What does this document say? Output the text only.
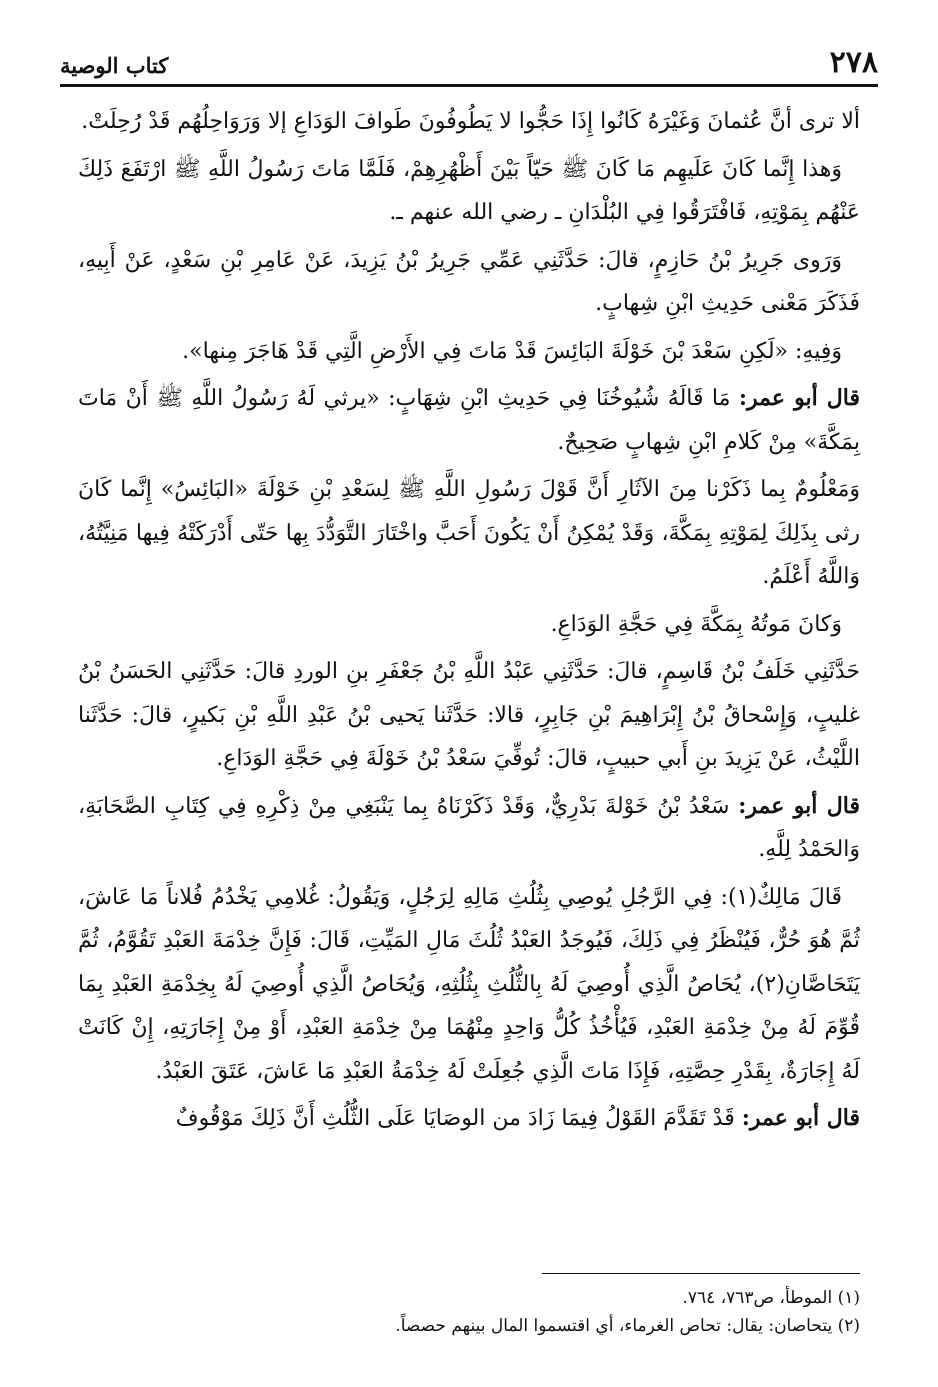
٢٧٨
كتاب الوصية

ألا ترى أنَّ عُثمانَ وَغَيْرَهُ كَانُوا إِذَا حَجُّوا لا يَطُوفُونَ طَوافَ الوَدَاعِ إلا وَرَوَاحِلُهُم قَدْ رُحِلَتْ.

وَهذا إِنَّما كَانَ عَلَيهِم مَا كَانَ ﷺ حَيّاً بَيْنَ أَظْهُرِهِمْ، فَلَمَّا مَاتَ رَسُولُ اللَّهِ ﷺ ارْتَفَعَ ذَلِكَ عَنْهُم بِمَوْتِهِ، فَافْتَرَقُوا فِي البُلْدَانِ ـ رضي الله عنهم ـ.

وَرَوى جَرِيرُ بْنُ حَازِمٍ، قالَ: حَدَّثَنِي عَمِّي جَرِيرُ بْنُ يَزِيدَ، عَنْ عَامِرِ بْنِ سَعْدٍ، عَنْ أَبِيهِ، فَذَكَرَ مَعْنى حَدِيثِ ابْنِ شِهابٍ.

وَفِيهِ: «لَكِنِ سَعْدَ بْنَ خَوْلَةَ البَائِسَ قَدْ مَاتَ فِي الأَرْضِ الَّتِي قَدْ هَاجَرَ مِنها».

قال أبو عمر: مَا قَالَهُ شُيُوخُنَا فِي حَدِيثِ ابْنِ شِهَابٍ: «يرثي لَهُ رَسُولُ اللَّهِ ﷺ أَنْ مَاتَ بِمَكَّةَ» مِنْ كَلامِ ابْنِ شِهابٍ صَحِيحٌ.

وَمَعْلُومٌ بِما ذَكَرْنا مِنَ الآثَارِ أَنَّ قَوْلَ رَسُولِ اللَّهِ ﷺ لِسَعْدِ بْنِ خَوْلَةَ «البَائِسُ» إِنَّما كَانَ رثى بِذَلِكَ لِمَوْتِهِ بِمَكَّةَ، وَقَدْ يُمْكِنُ أَنْ يَكُونَ أَحَبَّ واخْتَارَ التَّوَدُّدَ بِها حَتّى أَدْرَكَتْهُ فِيها مَنِيَّتُهُ، وَاللَّهُ أَعْلَمُ.

وَكانَ مَوتُهُ بِمَكَّةَ فِي حَجَّةِ الوَدَاعِ.

حَدَّثَنِي خَلَفُ بْنُ قَاسِمٍ، قالَ: حَدَّثَنِي عَبْدُ اللَّهِ بْنُ جَعْفَرِ بنِ الوردِ قالَ: حَدَّثَنِي الحَسَنُ بْنُ غليبٍ، وَإِسْحاقُ بْنُ إِبْرَاهِيمَ بْنِ جَابِرٍ، قالا: حَدَّثَنا يَحيى بْنُ عَبْدِ اللَّهِ بْنِ بَكيرٍ، قالَ: حَدَّثَنا اللَّيْثُ، عَنْ يَزِيدَ بنِ أَبي حبيبٍ، قالَ: تُوفِّيَ سَعْدُ بْنُ خَوْلَةَ فِي حَجَّةِ الوَدَاعِ.

قال أبو عمر: سَعْدُ بْنُ خَوْلةَ بَدْرِيٌّ، وَقَدْ ذَكَرْنَاهُ بِما يَنْبَغِي مِنْ ذِكْرِهِ فِي كِتَابِ الصَّحَابَةِ، وَالحَمْدُ لِلَّهِ.

قَالَ مَالِكٌ(١): فِي الرَّجُلِ يُوصِي بِثُلُثِ مَالِهِ لِرَجُلٍ، وَيَقُولُ: غُلامِي يَخْدُمُ فُلاناً مَا عَاشَ، ثُمَّ هُوَ حُرٌّ، فَيُنْظَرُ فِي ذَلِكَ، فَيُوجَدُ العَبْدُ ثُلُثَ مَالِ المَيِّتِ، قَالَ: فَإِنَّ خِدْمَةَ العَبْدِ تَقُوَّمُ، ثُمَّ يَتَحَاصَّانِ(٢)، يُحَاصُ الَّذِي أُوصِيَ لَهُ بِالثُّلُثِ بِثُلُثِهِ، وَيُحَاصُ الَّذِي أُوصِيَ لَهُ بِخِدْمَةِ العَبْدِ بِمَا قُوِّمَ لَهُ مِنْ خِدْمَةِ العَبْدِ، فَيُأْخُذُ كُلُّ وَاحِدٍ مِنْهُمَا مِنْ خِدْمَةِ العَبْدِ، أَوْ مِنْ إِجَارَتِهِ، إِنْ كَانَتْ لَهُ إِجَارَةٌ، بِقَدْرِ حِصَّتِهِ، فَإِذَا مَاتَ الَّذِي جُعِلَتْ لَهُ خِدْمَةُ العَبْدِ مَا عَاشَ، عَتَقَ العَبْدُ.

قال أبو عمر: قَدْ تَقَدَّمَ القَوْلُ فِيمَا زَادَ من الوصَايَا عَلَى الثُّلُثِ أَنَّ ذَلِكَ مَوْقُوفٌ

(١) الموطأ، ص٧٦٣، ٧٦٤.

(٢) يتحاصان: يقال: تحاص الغرماء، أي اقتسموا المال بينهم حصصاً.
